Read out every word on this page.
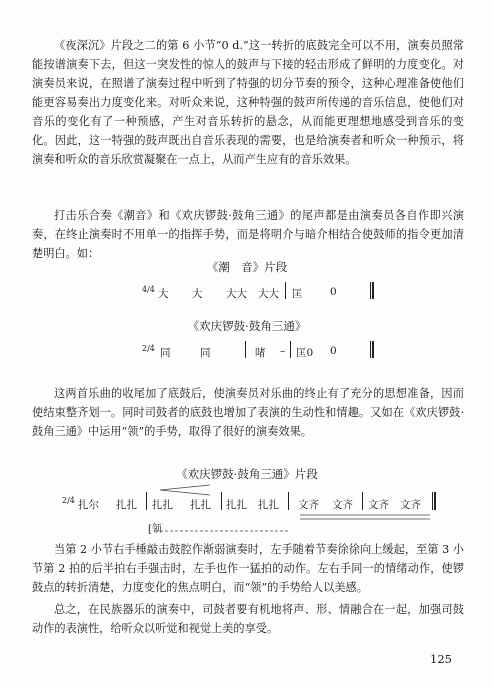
《夜深沉》片段之二的第 6 小节“0 d.”这一转折的底鼓完全可以不用，演奏员照常能按谱演奏下去，但这一突发性的惊人的鼓声与下接的轻击形成了鲜明的力度变化。对演奏员来说，在照谱了演奏过程中听到了特强的切分节奏的预令，这种心理准备使他们能更容易奏出力度变化来。对听众来说，这种特强的鼓声所传递的音乐信息，使他们对音乐的变化有了一种预感，产生对音乐转折的悬念，从而能更理想地感受到音乐的变化。因此，这一特强的鼓声既出自音乐表现的需要，也是给演奏者和听众一种预示，将演奏和听众的音乐欣赏凝聚在一点上，从而产生应有的音乐效果。

打击乐合奏《潮音》和《欢庆锣鼓·鼓角三通》的尾声都是由演奏员各自作即兴演奏，在终止演奏时不用单一的指挥手势，而是将明介与暗介相结合使鼓师的指令更加清楚明白。如：

《潮　音》片段
4/4 大 大 大大 大大 匡	0
《欢庆锣鼓·鼓角三通》
2/4 同	同	啫 – 匡0 0

这两首乐曲的收尾加了底鼓后，使演奏员对乐曲的终止有了充分的思想准备，因而使结束整齐划一。同时司鼓者的底鼓也增加了表演的生动性和情趣。又如在《欢庆锣鼓·鼓角三通》中运用“领”的手势，取得了很好的演奏效果。

《欢庆锣鼓·鼓角三通》片段
2/4 扎尔 扎扎 扎扎 扎扎 扎扎 扎扎 文齐 文齐 文齐 文齐
[领

当第 2 小节右手棰敲击鼓腔作渐弱演奏时，左手随着节奏徐徐向上缓起，至第 3 小节第 2 拍的后半拍右手强击时，左手也作一猛拍的动作。左右手同一的情绪动作，使锣鼓点的转折清楚，力度变化的焦点明白，而“领”的手势给人以美感。

总之，在民族器乐的演奏中，司鼓者要有机地将声、形、情融合在一起，加强司鼓动作的表演性，给听众以听觉和视觉上美的享受。

125
